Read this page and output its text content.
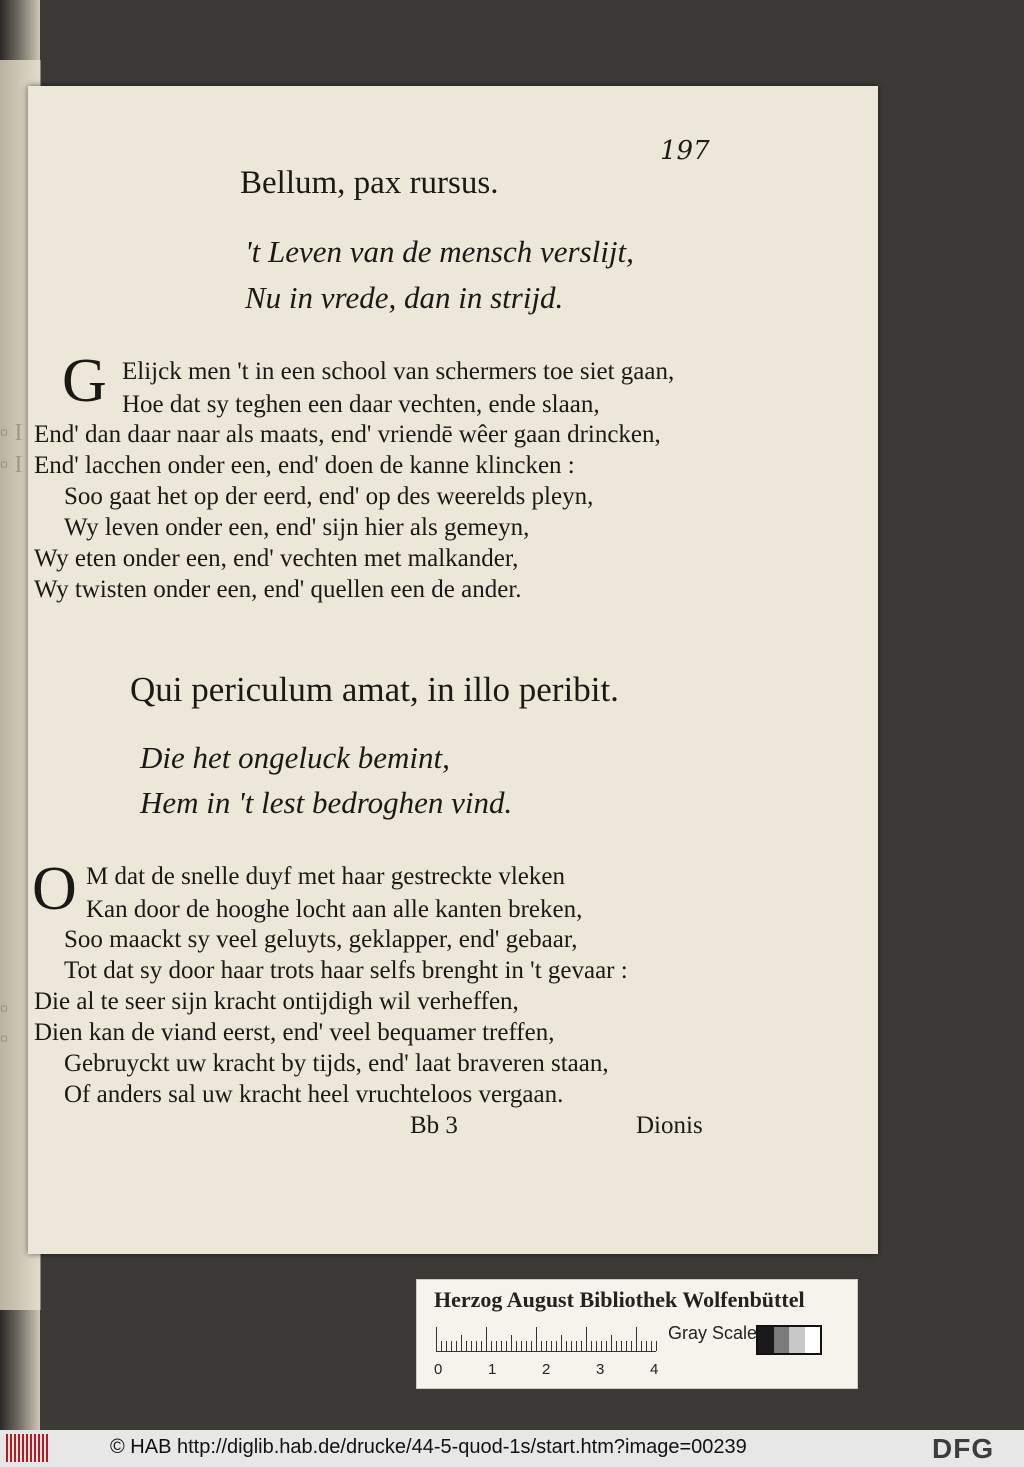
▫ I
▫ I
▫
▫
197
Bellum, pax rursus.
't Leven van de mensch verslijt,
Nu in vrede, dan in strijd.
G Elijck men 't in een school van schermers toe siet gaan,
Hoe dat sy teghen een daar vechten, ende slaan,
End' dan daar naar als maats, end' vriendē wêer gaan drincken,
End' lacchen onder een, end' doen de kanne klincken :
Soo gaat het op der eerd, end' op des weerelds pleyn,
Wy leven onder een, end' sijn hier als gemeyn,
Wy eten onder een, end' vechten met malkander,
Wy twisten onder een, end' quellen een de ander.
Qui periculum amat, in illo peribit.
Die het ongeluck bemint,
Hem in 't lest bedroghen vind.
O M dat de snelle duyf met haar gestreckte vleken
Kan door de hooghe locht aan alle kanten breken,
Soo maackt sy veel geluyts, geklapper, end' gebaar,
Tot dat sy door haar trots haar selfs brenght in 't gevaar :
Die al te seer sijn kracht ontijdigh wil verheffen,
Dien kan de viand eerst, end' veel bequamer treffen,
Gebruyckt uw kracht by tijds, end' laat braveren staan,
Of anders sal uw kracht heel vruchteloos vergaan.
Bb 3	Dionis
Herzog August Bibliothek Wolfenbüttel
0	1	2	3	4
Gray Scale
© HAB http://diglib.hab.de/drucke/44-5-quod-1s/start.htm?image=00239	DFG
